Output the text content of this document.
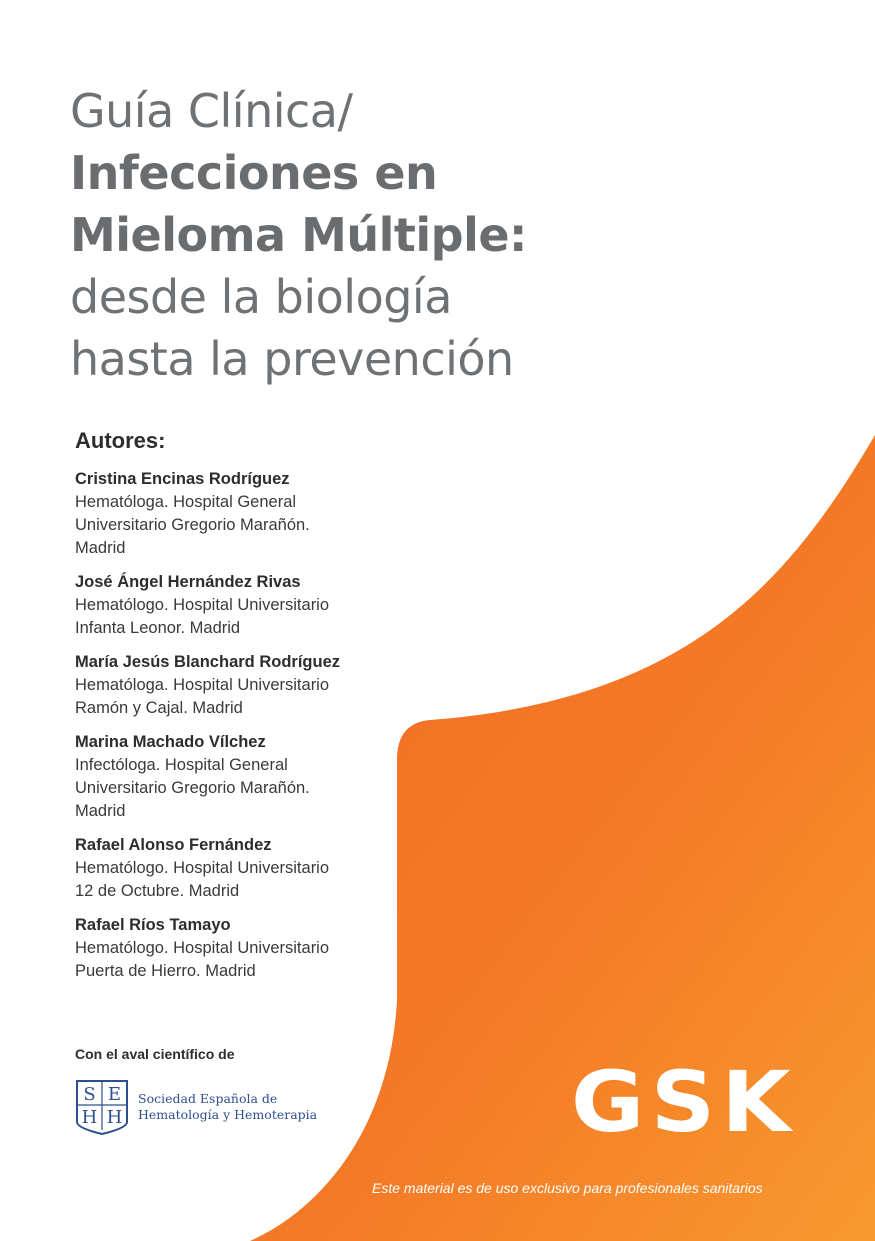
Guía Clínica/
Infecciones en
Mieloma Múltiple:
desde la biología
hasta la prevención
Autores:
Cristina Encinas Rodríguez
Hematóloga. Hospital General
Universitario Gregorio Marañón.
Madrid
José Ángel Hernández Rivas
Hematólogo. Hospital Universitario
Infanta Leonor. Madrid
María Jesús Blanchard Rodríguez
Hematóloga. Hospital Universitario
Ramón y Cajal. Madrid
Marina Machado Vílchez
Infectóloga. Hospital General
Universitario Gregorio Marañón.
Madrid
Rafael Alonso Fernández
Hematólogo. Hospital Universitario
12 de Octubre. Madrid
Rafael Ríos Tamayo
Hematólogo. Hospital Universitario
Puerta de Hierro. Madrid
Con el aval científico de
S E
H H
Sociedad Española de
Hematología y Hemoterapia	GSK
Este material es de uso exclusivo para profesionales sanitarios
